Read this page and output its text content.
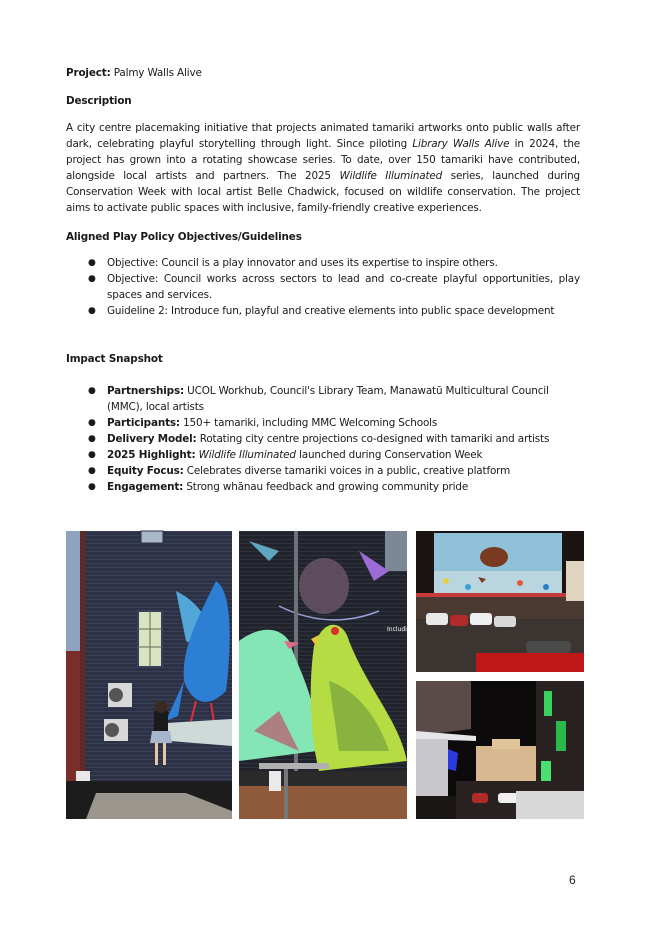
Project: Palmy Walls Alive
Description

A city centre placemaking initiative that projects animated tamariki artworks onto public walls after dark, celebrating playful storytelling through light. Since piloting Library Walls Alive in 2024, the project has grown into a rotating showcase series. To date, over 150 tamariki have contributed, alongside local artists and partners. The 2025 Wildlife Illuminated series, launched during Conservation Week with local artist Belle Chadwick, focused on wildlife conservation. The project aims to activate public spaces with inclusive, family-friendly creative experiences.

Aligned Play Policy Objectives/Guidelines
● Objective: Council is a play innovator and uses its expertise to inspire others.
● Objective: Council works across sectors to lead and co-create playful opportunities, play spaces and services.
● Guideline 2: Introduce fun, playful and creative elements into public space development
Impact Snapshot
● Partnerships: UCOL Workhub, Council's Library Team, Manawatū Multicultural Council (MMC), local artists
● Participants: 150+ tamariki, including MMC Welcoming Schools
● Delivery Model: Rotating city centre projections co-designed with tamariki and artists
● 2025 Highlight: Wildlife Illuminated launched during Conservation Week
● Equity Focus: Celebrates diverse tamariki voices in a public, creative platform
● Engagement: Strong whānau feedback and growing community pride
Including
6
